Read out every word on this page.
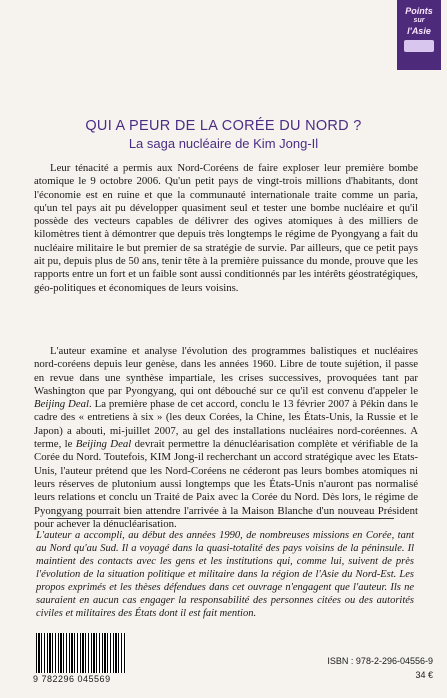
Points
sur
l'Asie
QUI A PEUR DE LA CORÉE DU NORD ?
La saga nucléaire de Kim Jong-Il

Leur ténacité a permis aux Nord-Coréens de faire exploser leur première bombe atomique le 9 octobre 2006. Qu'un petit pays de vingt-trois millions d'habitants, dont l'économie est en ruine et que la communauté internationale traite comme un paria, qu'un tel pays ait pu développer quasiment seul et tester une bombe nucléaire et qu'il possède des vecteurs capables de délivrer des ogives atomiques à des milliers de kilomètres tient à démontrer que depuis très longtemps le régime de Pyongyang a fait du nucléaire militaire le but premier de sa stratégie de survie. Par ailleurs, que ce petit pays ait pu, depuis plus de 50 ans, tenir tête à la première puissance du monde, prouve que les rapports entre un fort et un faible sont aussi conditionnés par les intérêts géostratégiques, géo-politiques et économiques de leurs voisins.

L'auteur examine et analyse l'évolution des programmes balistiques et nucléaires nord-coréens depuis leur genèse, dans les années 1960. Libre de toute sujétion, il passe en revue dans une synthèse impartiale, les crises successives, provoquées tant par Washington que par Pyongyang, qui ont débouché sur ce qu'il est convenu d'appeler le Beijing Deal. La première phase de cet accord, conclu le 13 février 2007 à Pékin dans le cadre des « entretiens à six » (les deux Corées, la Chine, les États-Unis, la Russie et le Japon) a abouti, mi-juillet 2007, au gel des installations nucléaires nord-coréennes. A terme, le Beijing Deal devrait permettre la dénucléarisation complète et vérifiable de la Corée du Nord. Toutefois, KIM Jong-il recherchant un accord stratégique avec les Etats-Unis, l'auteur prétend que les Nord-Coréens ne céderont pas leurs bombes atomiques ni leurs réserves de plutonium aussi longtemps que les États-Unis n'auront pas normalisé leurs relations et conclu un Traité de Paix avec la Corée du Nord. Dès lors, le régime de Pyongyang pourrait bien attendre l'arrivée à la Maison Blanche d'un nouveau Président pour achever la dénucléarisation.

L'auteur a accompli, au début des années 1990, de nombreuses missions en Corée, tant au Nord qu'au Sud. Il a voyagé dans la quasi-totalité des pays voisins de la péninsule. Il maintient des contacts avec les gens et les institutions qui, comme lui, suivent de près l'évolution de la situation politique et militaire dans la région de l'Asie du Nord-Est. Les propos exprimés et les thèses défendues dans cet ouvrage n'engagent que l'auteur. Ils ne sauraient en aucun cas engager la responsabilité des personnes citées ou des autorités civiles et militaires des États dont il est fait mention.
9 782296 045569
ISBN : 978-2-296-04556-9
34 €
